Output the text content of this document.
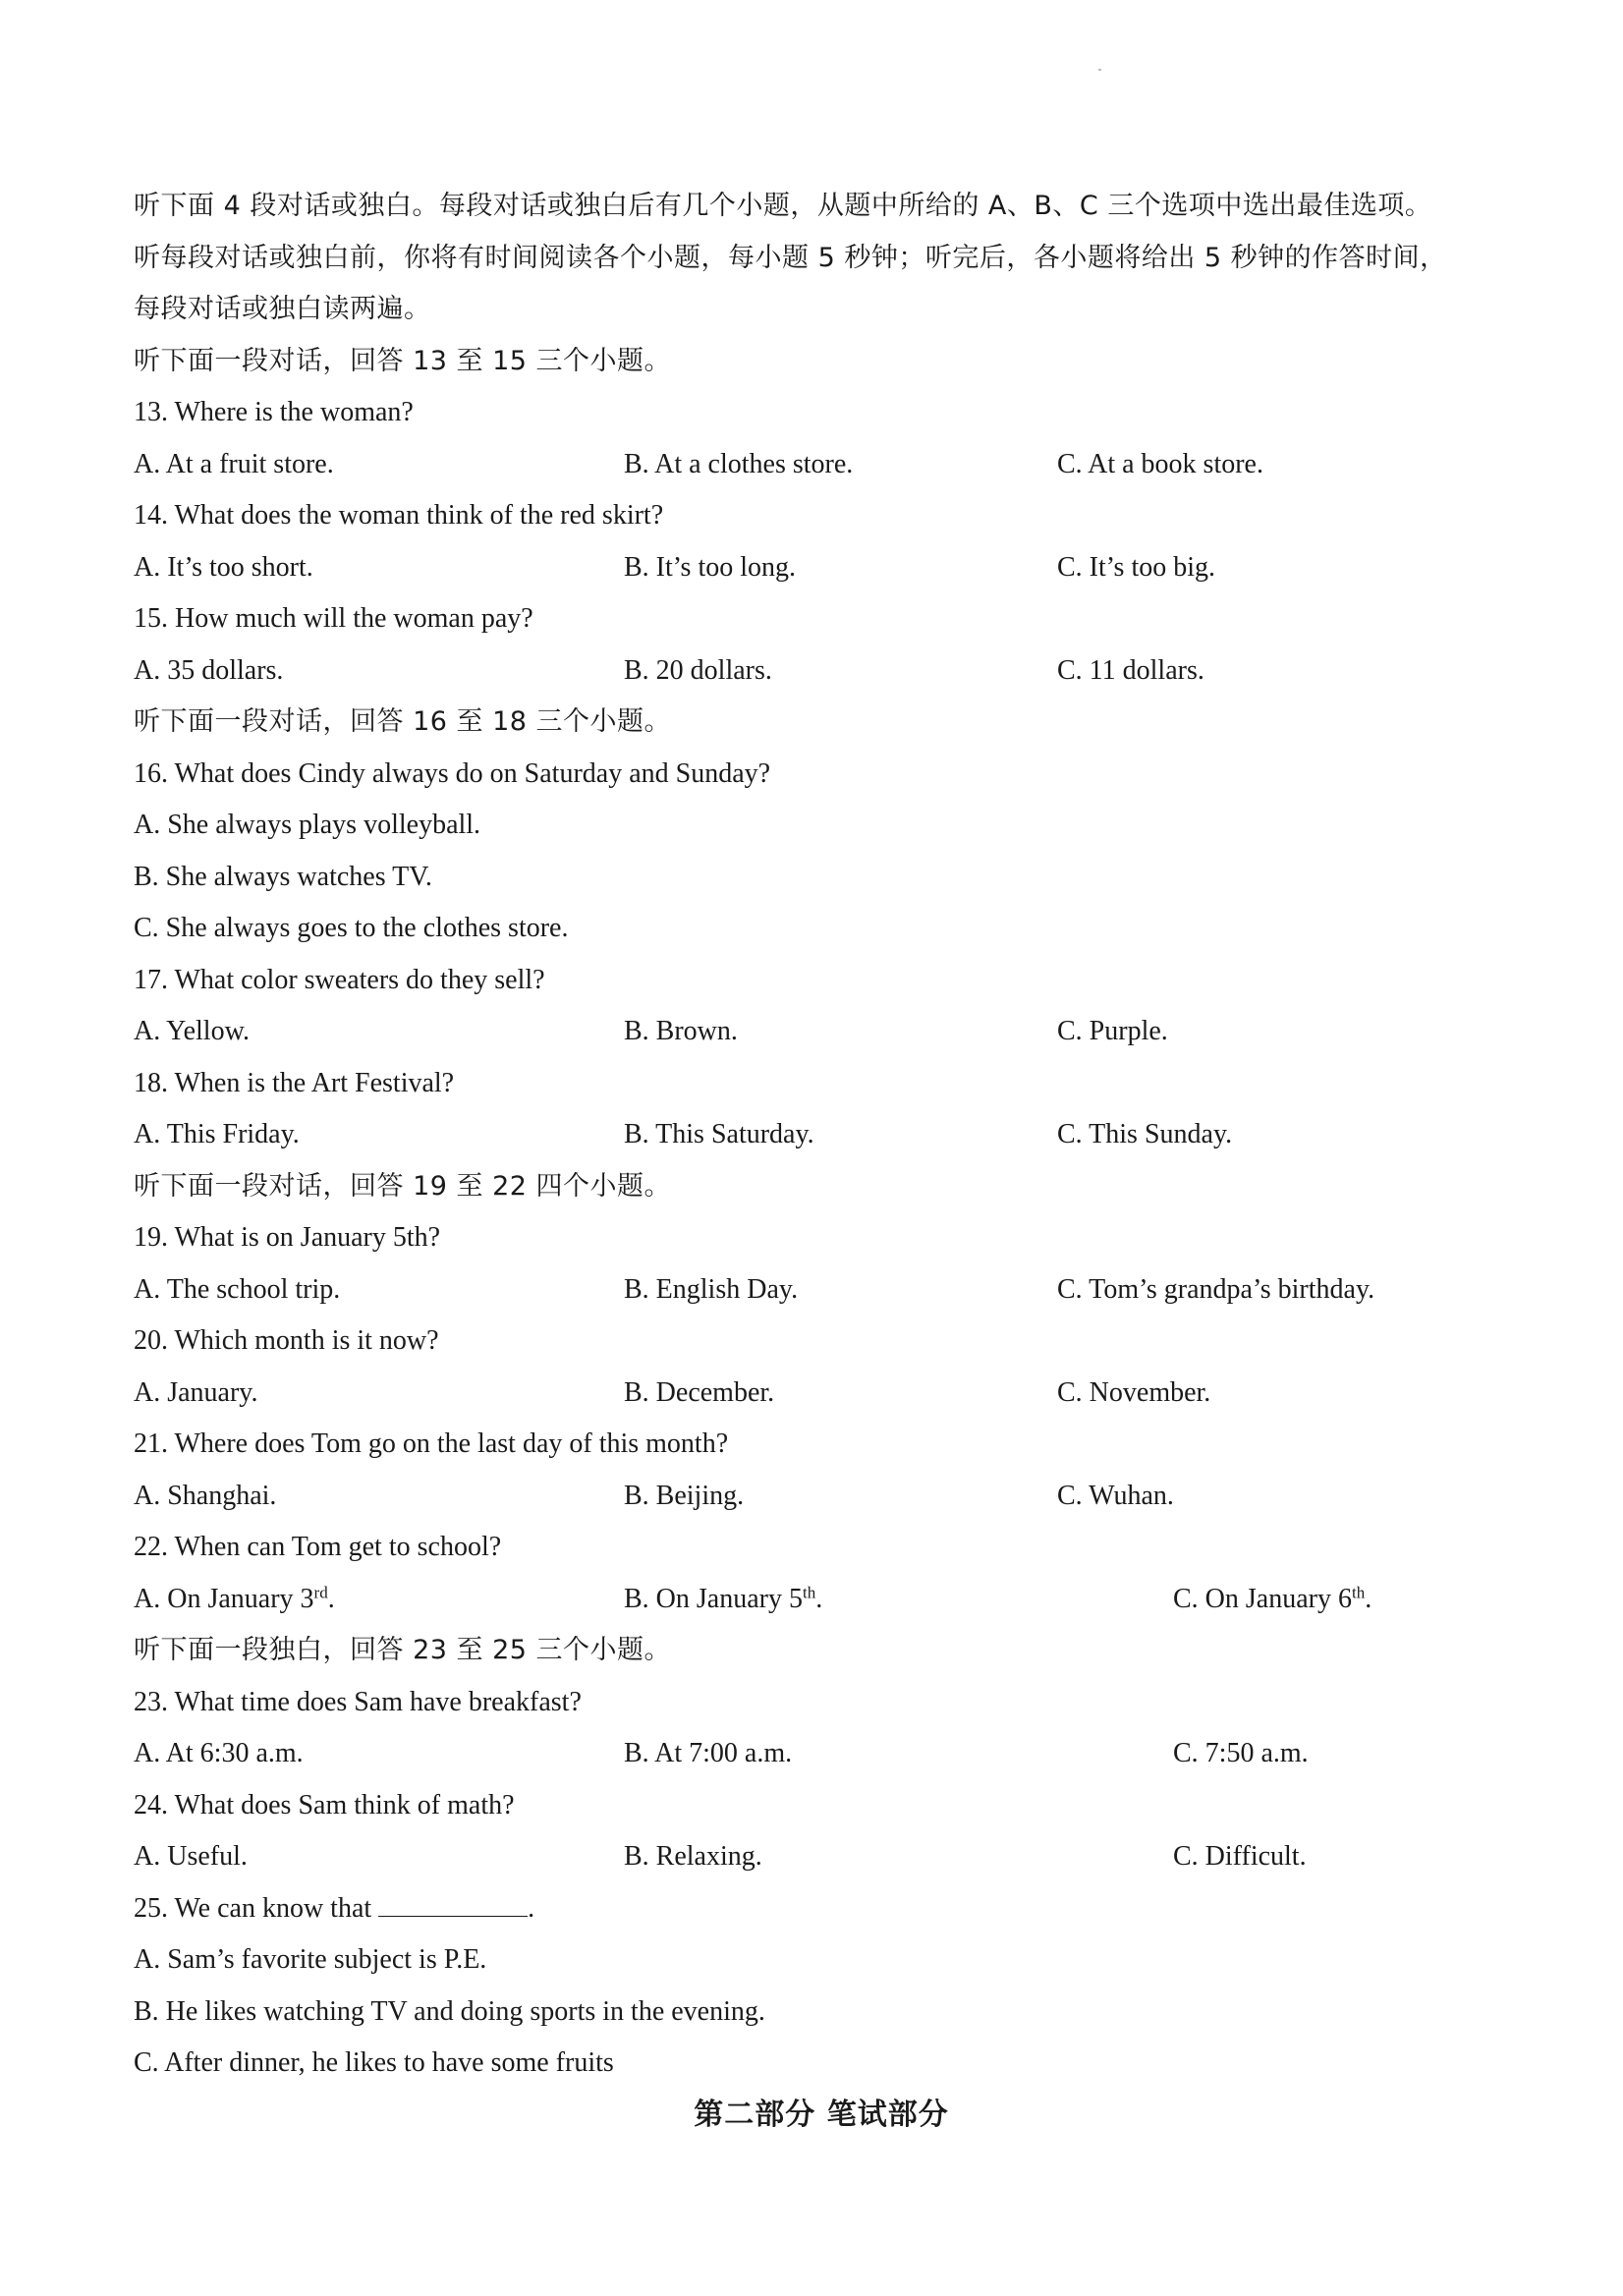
听下面 4 段对话或独白。每段对话或独白后有几个小题，从题中所给的 A、B、C 三个选项中选出最佳选项。
听每段对话或独白前，你将有时间阅读各个小题，每小题 5 秒钟；听完后，各小题将给出 5 秒钟的作答时间，
每段对话或独白读两遍。
听下面一段对话，回答 13 至 15 三个小题。
13. Where is the woman?
A. At a fruit store.	B. At a clothes store.	C. At a book store.
14. What does the woman think of the red skirt?
A. It’s too short.	B. It’s too long.	C. It’s too big.
15. How much will the woman pay?
A. 35 dollars.	B. 20 dollars.	C. 11 dollars.
听下面一段对话，回答 16 至 18 三个小题。
16. What does Cindy always do on Saturday and Sunday?
A. She always plays volleyball.
B. She always watches TV.
C. She always goes to the clothes store.
17. What color sweaters do they sell?
A. Yellow.	B. Brown.	C. Purple.
18. When is the Art Festival?
A. This Friday.	B. This Saturday.	C. This Sunday.
听下面一段对话，回答 19 至 22 四个小题。
19. What is on January 5th?
A. The school trip.	B. English Day.	C. Tom’s grandpa’s birthday.
20. Which month is it now?
A. January.	B. December.	C. November.
21. Where does Tom go on the last day of this month?
A. Shanghai.	B. Beijing.	C. Wuhan.
22. When can Tom get to school?
A. On January 3rd.	B. On January 5th.	C. On January 6th.
听下面一段独白，回答 23 至 25 三个小题。
23. What time does Sam have breakfast?
A. At 6:30 a.m.	B. At 7:00 a.m.	C. 7:50 a.m.
24. What does Sam think of math?
A. Useful.	B. Relaxing.	C. Difficult.
25. We can know that	.
A. Sam’s favorite subject is P.E.
B. He likes watching TV and doing sports in the evening.
C. After dinner, he likes to have some fruits
第二部分 笔试部分
